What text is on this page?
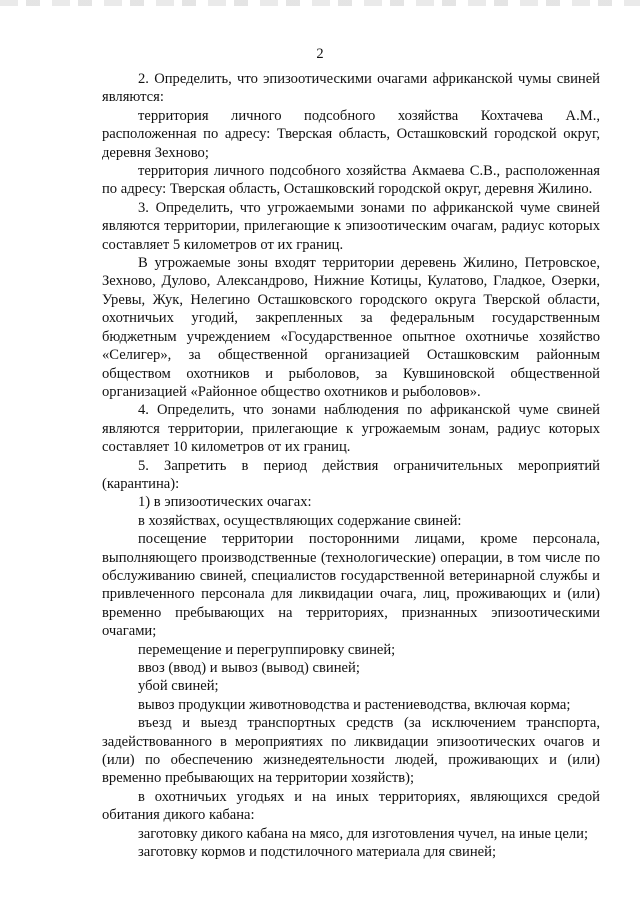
2

2. Определить, что эпизоотическими очагами африканской чумы свиней являются:

территория личного подсобного хозяйства Кохтачева А.М., расположенная по адресу: Тверская область, Осташковский городской округ, деревня Зехново;

территория личного подсобного хозяйства Акмаева С.В., расположенная по адресу: Тверская область, Осташковский городской округ, деревня Жилино.

3. Определить, что угрожаемыми зонами по африканской чуме свиней являются территории, прилегающие к эпизоотическим очагам, радиус которых составляет 5 километров от их границ.

В угрожаемые зоны входят территории деревень Жилино, Петровское, Зехново, Дулово, Александрово, Нижние Котицы, Кулатово, Гладкое, Озерки, Уревы, Жук, Нелегино Осташковского городского округа Тверской области, охотничьих угодий, закрепленных за федеральным государственным бюджетным учреждением «Государственное опытное охотничье хозяйство «Селигер», за общественной организацией Осташковским районным обществом охотников и рыболовов, за Кувшиновской общественной организацией «Районное общество охотников и рыболовов».

4. Определить, что зонами наблюдения по африканской чуме свиней являются территории, прилегающие к угрожаемым зонам, радиус которых составляет 10 километров от их границ.

5. Запретить в период действия ограничительных мероприятий (карантина):

1) в эпизоотических очагах:

в хозяйствах, осуществляющих содержание свиней:

посещение территории посторонними лицами, кроме персонала, выполняющего производственные (технологические) операции, в том числе по обслуживанию свиней, специалистов государственной ветеринарной службы и привлеченного персонала для ликвидации очага, лиц, проживающих и (или) временно пребывающих на территориях, признанных эпизоотическими очагами;

перемещение и перегруппировку свиней;

ввоз (ввод) и вывоз (вывод) свиней;

убой свиней;

вывоз продукции животноводства и растениеводства, включая корма;

въезд и выезд транспортных средств (за исключением транспорта, задействованного в мероприятиях по ликвидации эпизоотических очагов и (или) по обеспечению жизнедеятельности людей, проживающих и (или) временно пребывающих на территории хозяйств);

в охотничьих угодьях и на иных территориях, являющихся средой обитания дикого кабана:

заготовку дикого кабана на мясо, для изготовления чучел, на иные цели;

заготовку кормов и подстилочного материала для свиней;
